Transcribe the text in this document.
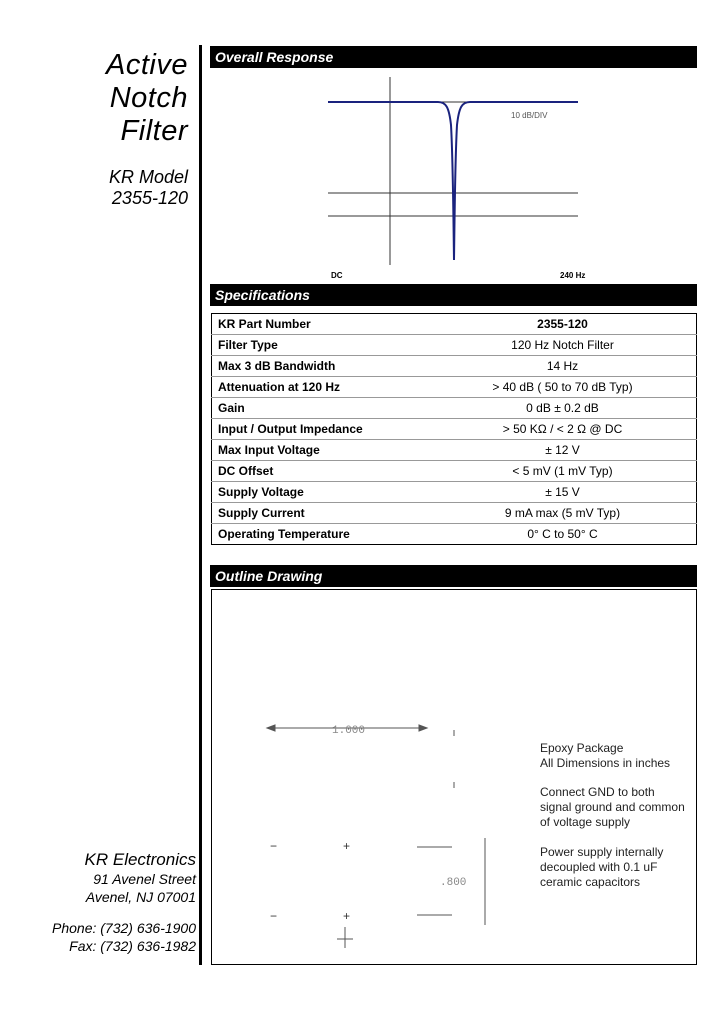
Active
Notch
Filter
KR Model
2355-120
KR Electronics
91 Avenel Street
Avenel, NJ 07001
Phone: (732) 636-1900
Fax: (732) 636-1982
Overall Response
10 dB/DIV
DC	240 Hz
Specifications
KR Part Number	2355-120
Filter Type	120 Hz Notch Filter
Max 3 dB Bandwidth	14 Hz
Attenuation at 120 Hz	> 40 dB ( 50 to 70 dB Typ)
Gain	0 dB ± 0.2 dB
Input / Output Impedance	> 50 KΩ / < 2 Ω @ DC
Max Input Voltage	± 12 V
DC Offset	< 5 mV (1 mV Typ)
Supply Voltage	± 15 V
Supply Current	9 mA max (5 mV Typ)
Operating Temperature	0° C to 50° C
Outline Drawing
−	+
−	+
1.000
.800
Epoxy Package
All Dimensions in inches
Connect GND to both
signal ground and common
of voltage supply
Power supply internally
decoupled with 0.1 uF
ceramic capacitors
